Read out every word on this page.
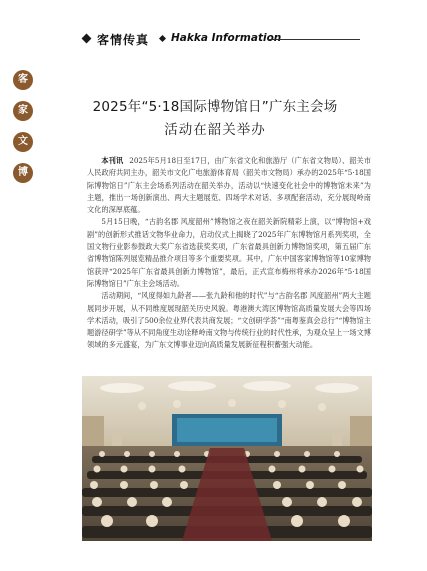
客情传真 Hakka Information
客
家
文
博
2025年“5·18国际博物馆日”广东主会场
活动在韶关举办

本刊讯 2025年5月18日至17日，由广东省文化和旅游厅（广东省文物局）、韶关市人民政府共同主办，韶关市文化广电旅游体育局（韶关市文物局）承办的2025年“5·18国际博物馆日”广东主会场系列活动在韶关举办，活动以“快速变化社会中的博物馆未来”为主题，推出一场创新演出、两大主题展览、四场学术对话、多项配套活动，充分展现岭南文化的深厚底蕴。

5月15日晚，“古韵名郡 风度韶州”博物馆之夜在韶关新院精彩上演，以“博物馆+戏剧”的创新形式推话文物华业命力，启动仪式上揭晓了2025年广东博物馆月系列奖项，全国文物行业影参鼓政大奖广东省选获奖奖项，广东省最具创新力博物馆奖项，第五届广东省博物馆陈列展览精品推介项目等多个重要奖项。其中，广东中国客家博物馆等10家博物馆获评“2025年广东省最具创新力博物馆”，最后，正式宣布梅州将承办2026年“5·18国际博物馆日”广东主会场活动。

活动期间，“风度得如九龄者——张九龄和他的时代”与“古韵名郡 风度韶州”两大主题展同步开展，从不同维度展现韶关历史风貌。粤港澳大湾区博物馆高质量发展大会等四场学术活动，吸引了500余位业界代表共商发展；“文创研学荟”“南粤鉴真会总行”“博物馆主题游径研学”等从不同角度生动诠释岭南文物与传统行业的时代性承，为观众呈上一场文博领域的多元盛宴，为广东文博事业迈向高质量发展新征程积蓄强大动能。
